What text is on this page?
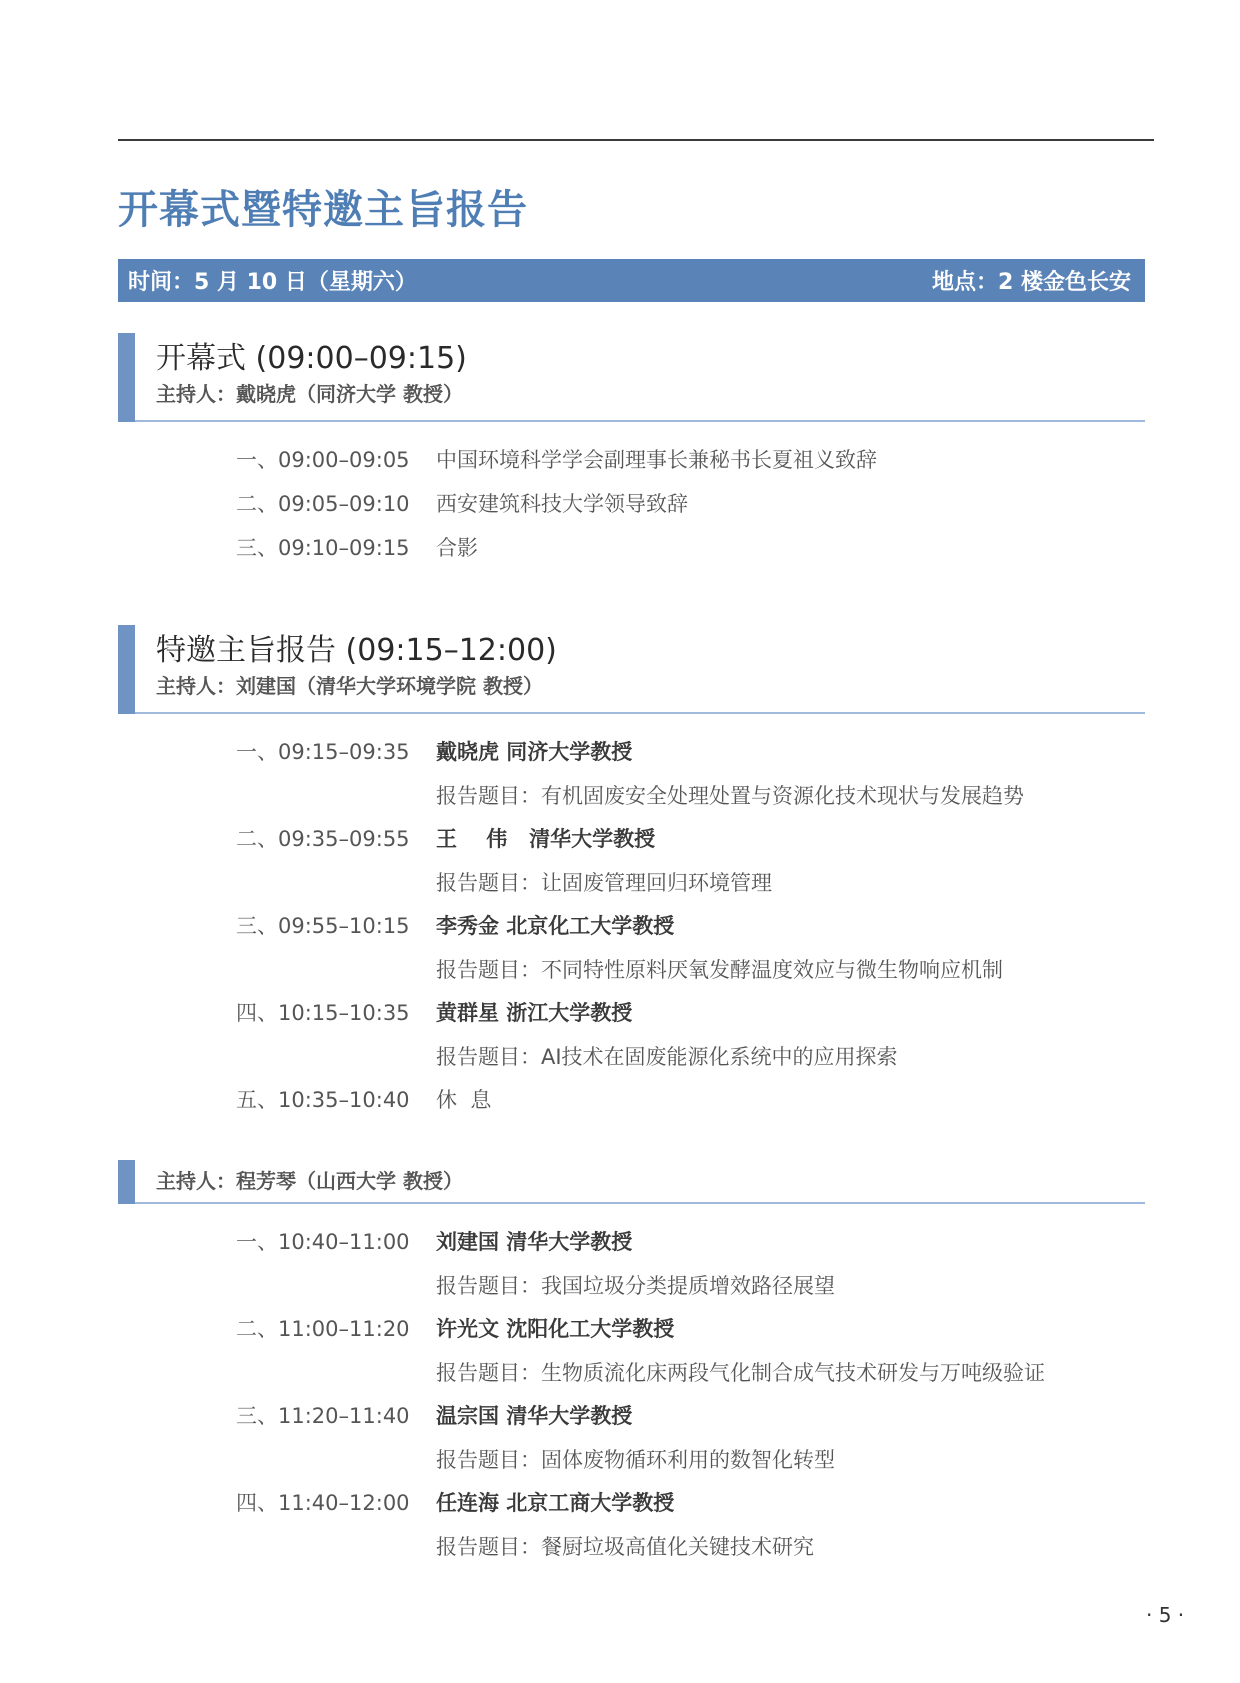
开幕式暨特邀主旨报告
时间：5 月 10 日（星期六）	地点：2 楼金色长安
开幕式 (09:00–09:15)
主持人：戴晓虎（同济大学 教授）
一、09:00–09:05 中国环境科学学会副理事长兼秘书长夏祖义致辞
二、09:05–09:10 西安建筑科技大学领导致辞
三、09:10–09:15 合影
特邀主旨报告 (09:15–12:00)
主持人：刘建国（清华大学环境学院 教授）
一、09:15–09:35 戴晓虎 同济大学教授
报告题目：有机固废安全处理处置与资源化技术现状与发展趋势
二、09:35–09:55 王    伟   清华大学教授
报告题目：让固废管理回归环境管理
三、09:55–10:15 李秀金 北京化工大学教授
报告题目：不同特性原料厌氧发酵温度效应与微生物响应机制
四、10:15–10:35 黄群星 浙江大学教授
报告题目：AI技术在固废能源化系统中的应用探索
五、10:35–10:40 休  息
主持人：程芳琴（山西大学 教授）
一、10:40–11:00 刘建国 清华大学教授
报告题目：我国垃圾分类提质增效路径展望
二、11:00–11:20 许光文 沈阳化工大学教授
报告题目：生物质流化床两段气化制合成气技术研发与万吨级验证
三、11:20–11:40 温宗国 清华大学教授
报告题目：固体废物循环利用的数智化转型
四、11:40–12:00 任连海 北京工商大学教授
报告题目：餐厨垃圾高值化关键技术研究
· 5 ·
